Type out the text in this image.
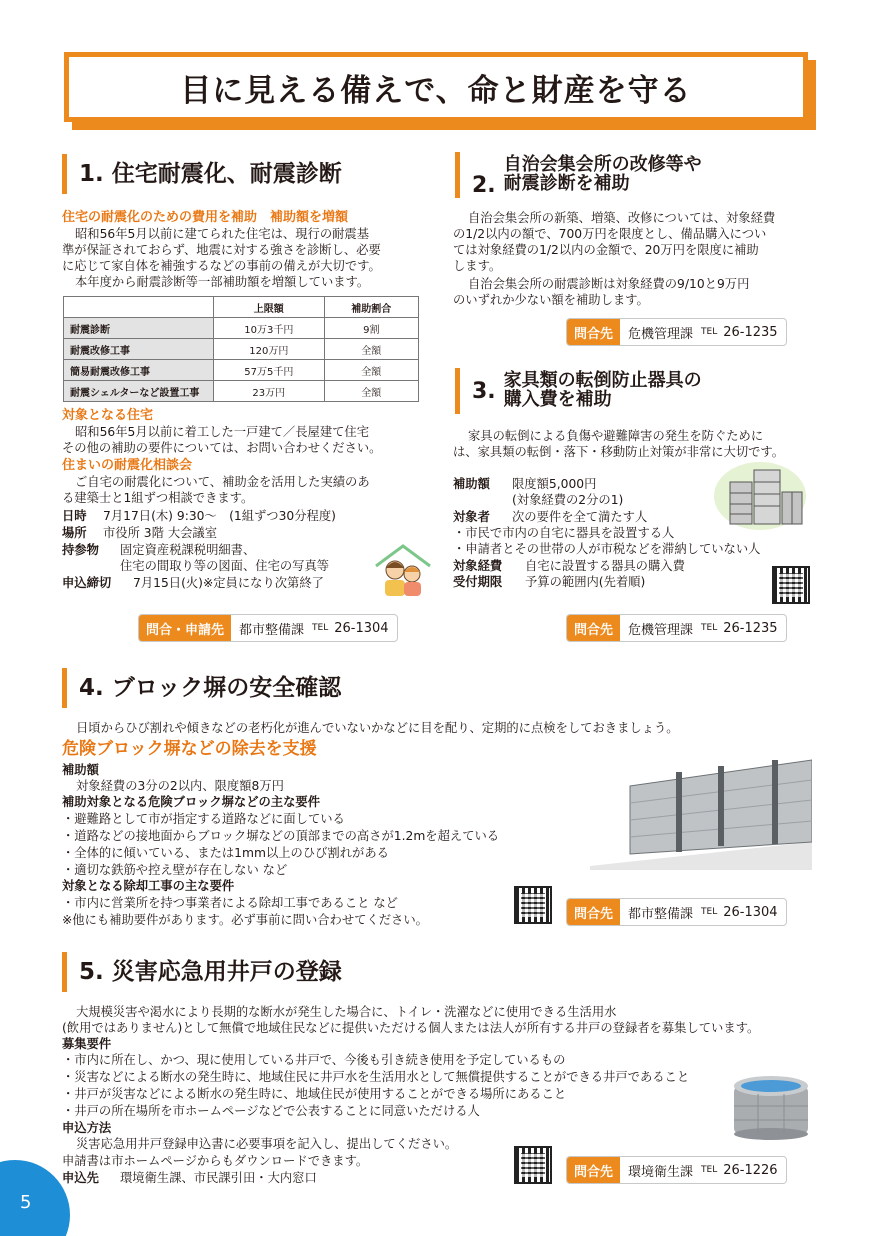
目に見える備えで、命と財産を守る
1. 住宅耐震化、耐震診断
住宅の耐震化のための費用を補助　補助額を増額
昭和56年5月以前に建てられた住宅は、現行の耐震基
準が保証されておらず、地震に対する強さを診断し、必要
に応じて家自体を補強するなどの事前の備えが大切です。
本年度から耐震診断等一部補助額を増額しています。
	上限額	補助割合
耐震診断	10万3千円	9割
耐震改修工事	120万円	全額
簡易耐震改修工事	57万5千円	全額
耐震シェルターなど設置工事	23万円	全額
対象となる住宅
昭和56年5月以前に着工した一戸建て／長屋建て住宅
その他の補助の要件については、お問い合わせください。
住まいの耐震化相談会
ご自宅の耐震化について、補助金を活用した実績のあ
る建築士と1組ずつ相談できます。
日時 7月17日(木) 9:30～　(1組ずつ30分程度)
場所 市役所 3階 大会議室
持参物 固定資産税課税明細書、
住宅の間取り等の図面、住宅の写真等
申込締切 7月15日(火)※定員になり次第終了
問合・申請先	都市整備課 TEL 26-1304
2.
自治会集会所の改修等や
耐震診断を補助
自治会集会所の新築、増築、改修については、対象経費
の1/2以内の額で、700万円を限度とし、備品購入につい
ては対象経費の1/2以内の金額で、20万円を限度に補助
します。
自治会集会所の耐震診断は対象経費の9/10と9万円
のいずれか少ない額を補助します。
問合先	危機管理課 TEL 26-1235
3. 家具類の転倒防止器具の
購入費を補助
家具の転倒による負傷や避難障害の発生を防ぐために
は、家具類の転倒・落下・移動防止対策が非常に大切です。
補助額 限度額5,000円
(対象経費の2分の1)
対象者 次の要件を全て満たす人
・市民で市内の自宅に器具を設置する人
・申請者とその世帯の人が市税などを滞納していない人
対象経費 自宅に設置する器具の購入費
受付期限 予算の範囲内(先着順)
問合先	危機管理課 TEL 26-1235
4. ブロック塀の安全確認
日頃からひび割れや傾きなどの老朽化が進んでいないかなどに目を配り、定期的に点検をしておきましょう。
危険ブロック塀などの除去を支援
補助額
対象経費の3分の2以内、限度額8万円
補助対象となる危険ブロック塀などの主な要件
・避難路として市が指定する道路などに面している
・道路などの接地面からブロック塀などの頂部までの高さが1.2mを超えている
・全体的に傾いている、または1mm以上のひび割れがある
・適切な鉄筋や控え壁が存在しない など
対象となる除却工事の主な要件
・市内に営業所を持つ事業者による除却工事であること など
※他にも補助要件があります。必ず事前に問い合わせてください。	問合先	都市整備課 TEL 26-1304
5. 災害応急用井戸の登録
大規模災害や渇水により長期的な断水が発生した場合に、トイレ・洗濯などに使用できる生活用水
(飲用ではありません)として無償で地域住民などに提供いただける個人または法人が所有する井戸の登録者を募集しています。
募集要件
・市内に所在し、かつ、現に使用している井戸で、今後も引き続き使用を予定しているもの
・災害などによる断水の発生時に、地域住民に井戸水を生活用水として無償提供することができる井戸であること
・井戸が災害などによる断水の発生時に、地域住民が使用することができる場所にあること
・井戸の所在場所を市ホームページなどで公表することに同意いただける人
申込方法
災害応急用井戸登録申込書に必要事項を記入し、提出してください。
申請書は市ホームページからもダウンロードできます。
申込先 環境衛生課、市民課引田・大内窓口	問合先	環境衛生課 TEL 26-1226
5
